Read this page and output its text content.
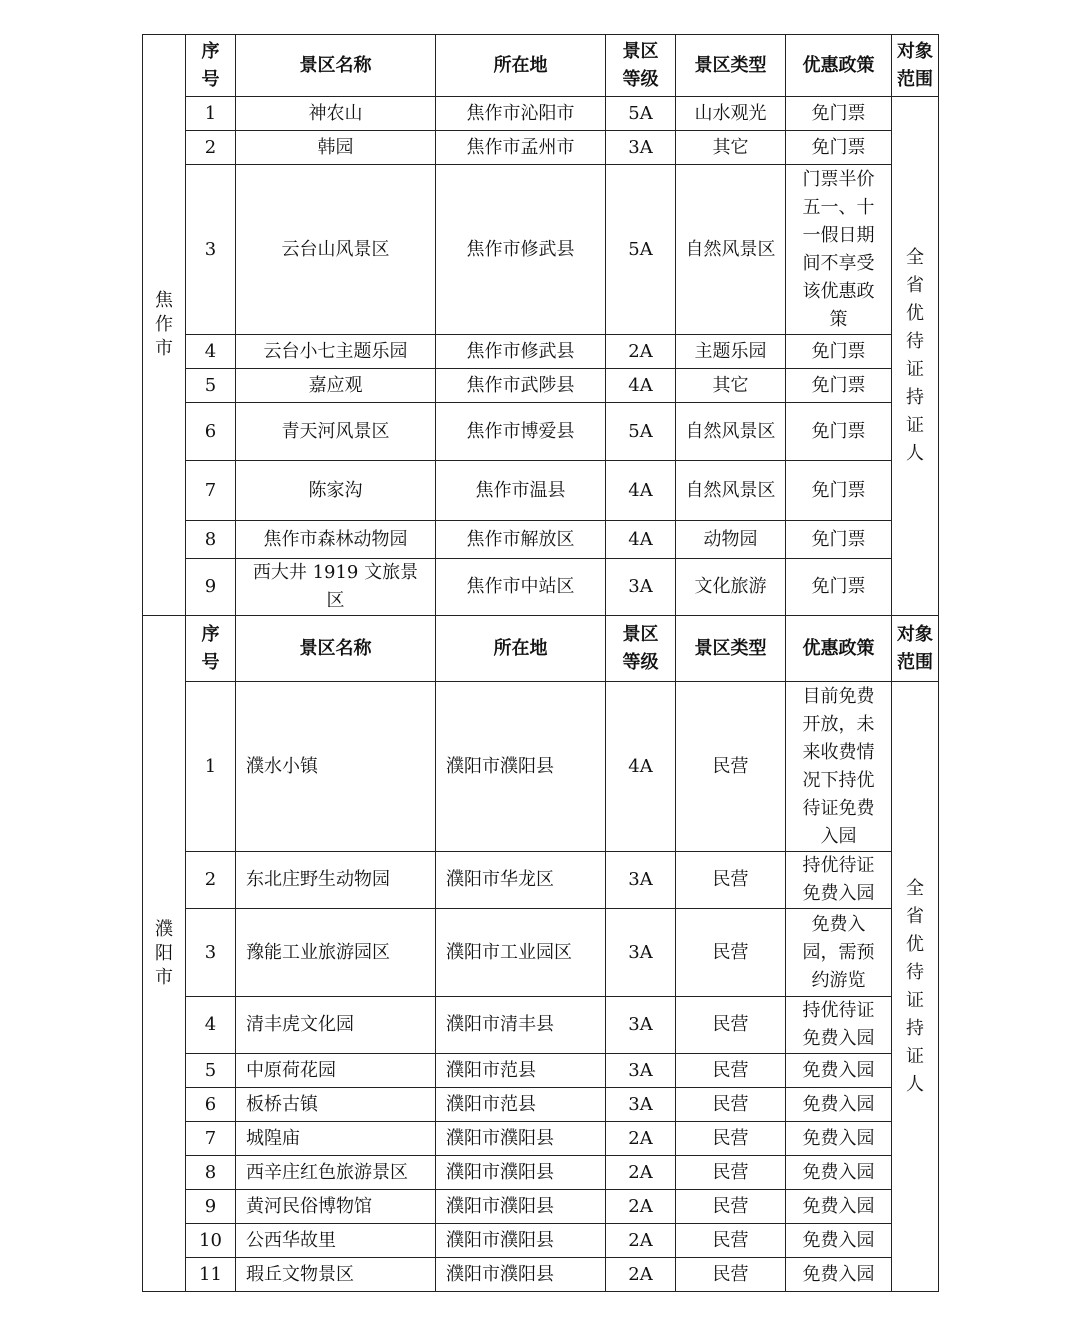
焦作市	序号	景区名称	所在地	景区等级	景区类型	优惠政策	对象范围
	1	神农山	焦作市沁阳市	5A	山水观光	免门票	全省优待证持证人
	2	韩园	焦作市孟州市	3A	其它	免门票	
	3	云台山风景区	焦作市修武县	5A	自然风景区	门票半价五一、十一假日期间不享受该优惠政策	
	4	云台小七主题乐园	焦作市修武县	2A	主题乐园	免门票	
	5	嘉应观	焦作市武陟县	4A	其它	免门票	
	6	青天河风景区	焦作市博爱县	5A	自然风景区	免门票	
	7	陈家沟	焦作市温县	4A	自然风景区	免门票	
	8	焦作市森林动物园	焦作市解放区	4A	动物园	免门票	
	9	西大井 1919 文旅景区	焦作市中站区	3A	文化旅游	免门票	
濮阳市	序号	景区名称	所在地	景区等级	景区类型	优惠政策	对象范围
	1	濮水小镇	濮阳市濮阳县	4A	民营	目前免费开放，未来收费情况下持优待证免费入园	全省优待证持证人
	2	东北庄野生动物园	濮阳市华龙区	3A	民营	持优待证免费入园	
	3	豫能工业旅游园区	濮阳市工业园区	3A	民营	免费入园，需预约游览	
	4	清丰虎文化园	濮阳市清丰县	3A	民营	持优待证免费入园	
	5	中原荷花园	濮阳市范县	3A	民营	免费入园	
	6	板桥古镇	濮阳市范县	3A	民营	免费入园	
	7	城隍庙	濮阳市濮阳县	2A	民营	免费入园	
	8	西辛庄红色旅游景区	濮阳市濮阳县	2A	民营	免费入园	
	9	黄河民俗博物馆	濮阳市濮阳县	2A	民营	免费入园	
	10	公西华故里	濮阳市濮阳县	2A	民营	免费入园	
	11	瑕丘文物景区	濮阳市濮阳县	2A	民营	免费入园	
